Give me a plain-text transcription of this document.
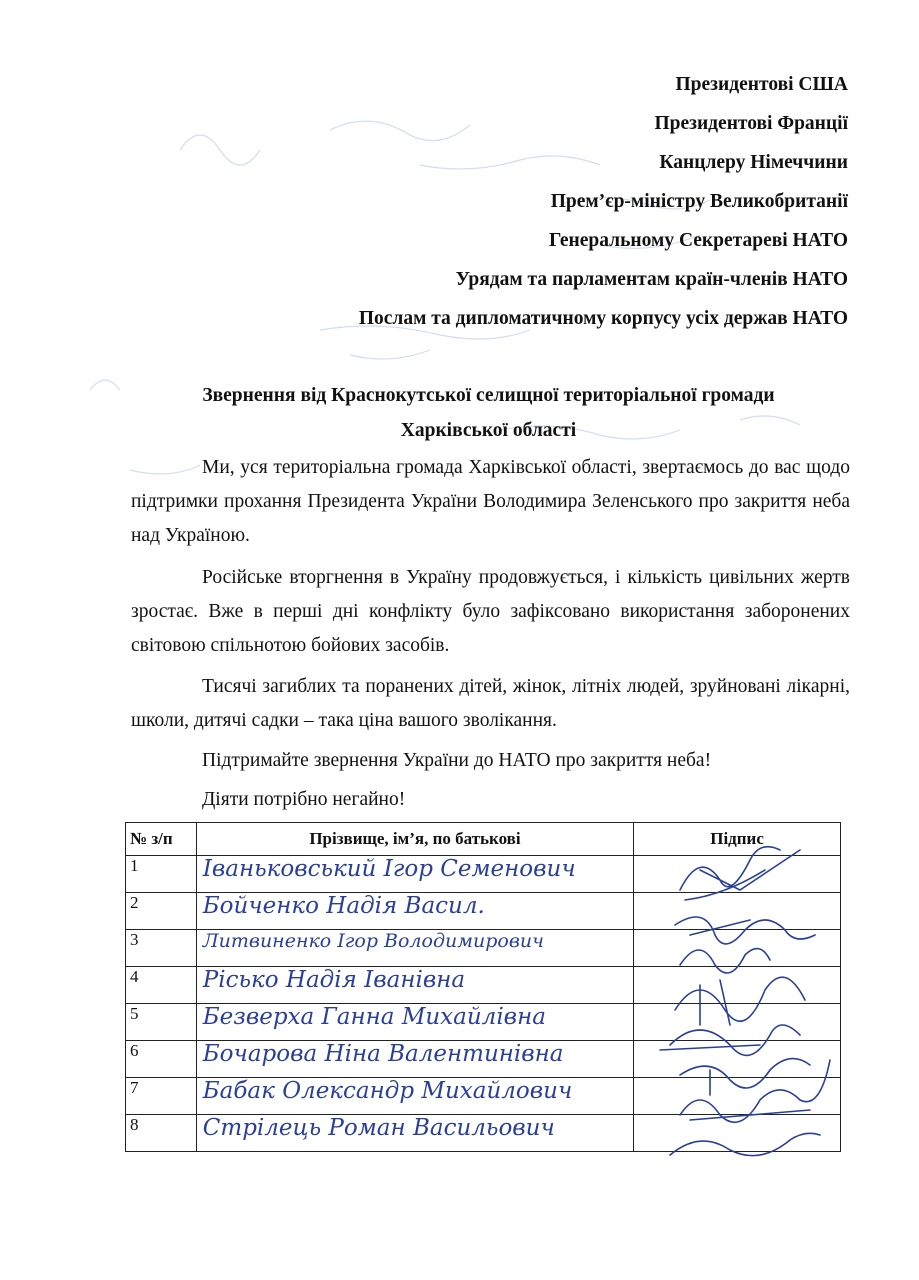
Президентові США
Президентові Франції
Канцлеру Німеччини
Прем’єр-міністру Великобританії
Генеральному Секретареві НАТО
Урядам та парламентам країн-членів НАТО
Послам та дипломатичному корпусу усіх держав НАТО
Звернення від Краснокутської селищної територіальної громади
Харківської області

Ми, уся територіальна громада Харківської області, звертаємось до вас щодо підтримки прохання Президента України Володимира Зеленського про закриття неба над Україною.

Російське вторгнення в Україну продовжується, і кількість цивільних жертв зростає. Вже в перші дні конфлікту було зафіксовано використання заборонених світовою спільнотою бойових засобів.

Тисячі загиблих та поранених дітей, жінок, літніх людей, зруйновані лікарні, школи, дитячі садки – така ціна вашого зволікання.

Підтримайте звернення України до НАТО про закриття неба!

Діяти потрібно негайно!

№ з/п	Прізвище, ім’я, по батькові	Підпис
1	Іваньковський Ігор Семенович	
2	Бойченко Надія Васил.	
3	Литвиненко Ігор Володимирович	
4	Рісько Надія Іванівна	
5	Безверха Ганна Михайлівна	
6	Бочарова Ніна Валентинівна	
7	Бабак Олександр Михайлович	
8	Стрілець Роман Васильович	
